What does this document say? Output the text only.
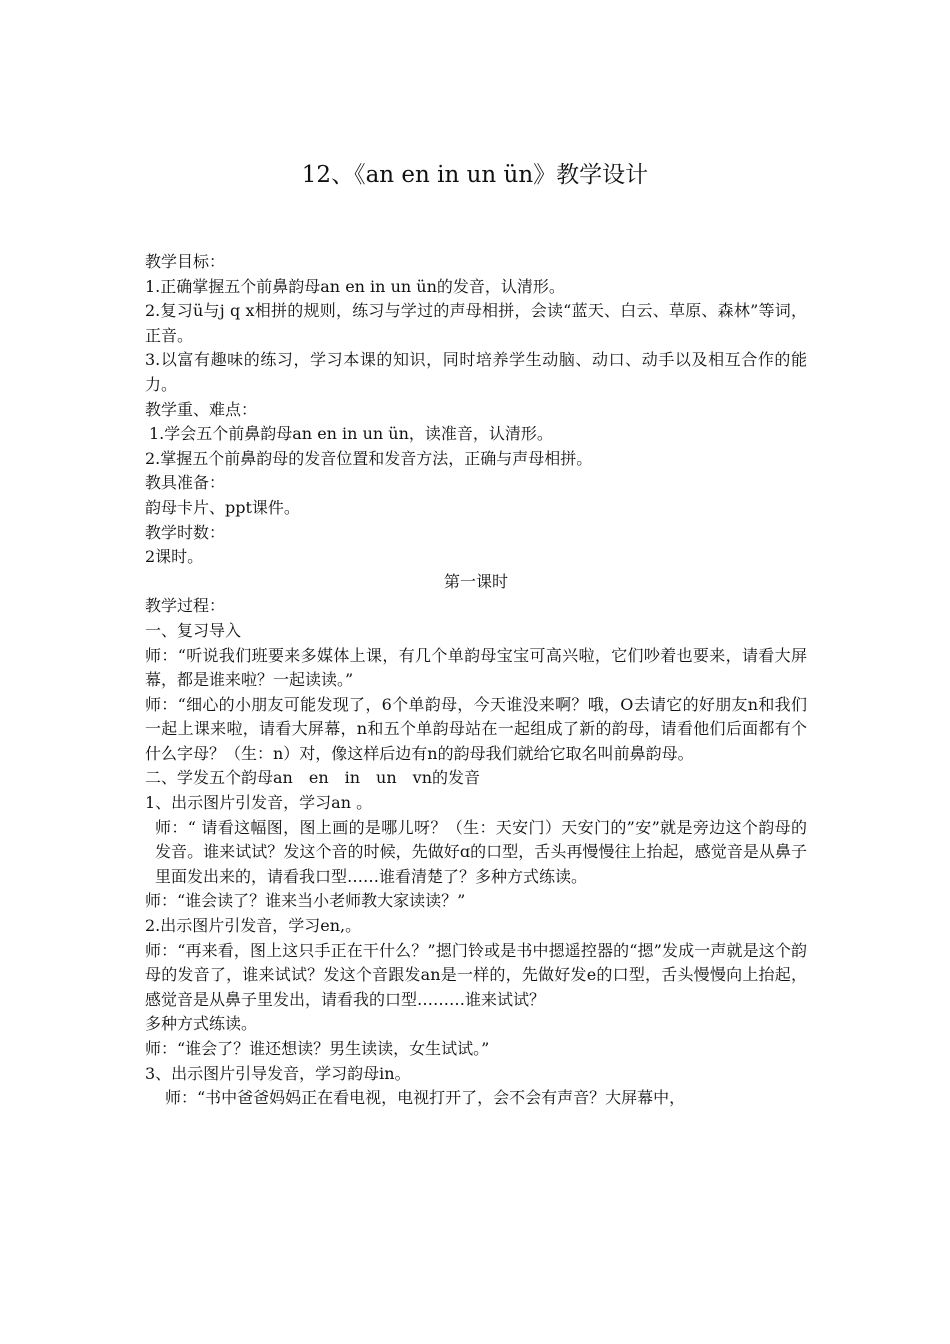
12、《an en in un ün》教学设计

教学目标：

1.正确掌握五个前鼻韵母an en in un ün的发音，认清形。

2.复习ü与j q x相拼的规则，练习与学过的声母相拼，会读“蓝天、白云、草原、森林”等词，正音。

3.以富有趣味的练习，学习本课的知识，同时培养学生动脑、动口、动手以及相互合作的能力。

教学重、难点：

1.学会五个前鼻韵母an en in un ün，读准音，认清形。

2.掌握五个前鼻韵母的发音位置和发音方法，正确与声母相拼。

教具准备：

韵母卡片、ppt课件。

教学时数：

2课时。

第一课时

教学过程：

一、复习导入

师：“听说我们班要来多媒体上课，有几个单韵母宝宝可高兴啦，它们吵着也要来，请看大屏幕，都是谁来啦？一起读读。”

师：“细心的小朋友可能发现了，6个单韵母，今天谁没来啊？哦，O去请它的好朋友n和我们一起上课来啦，请看大屏幕，n和五个单韵母站在一起组成了新的韵母，请看他们后面都有个什么字母？（生：n）对，像这样后边有n的韵母我们就给它取名叫前鼻韵母。

二、学发五个韵母an　en　in　un　vn的发音

1、出示图片引发音，学习an 。

师：“ 请看这幅图，图上画的是哪儿呀？（生：天安门）天安门的”安”就是旁边这个韵母的发音。谁来试试？发这个音的时候，先做好ɑ的口型，舌头再慢慢往上抬起，感觉音是从鼻子里面发出来的，请看我口型……谁看清楚了？多种方式练读。

师：“谁会读了？谁来当小老师教大家读读？”

2.出示图片引发音，学习en,。

师：“再来看，图上这只手正在干什么？”摁门铃或是书中摁遥控器的“摁”发成一声就是这个韵母的发音了，谁来试试？发这个音跟发an是一样的，先做好发e的口型，舌头慢慢向上抬起，感觉音是从鼻子里发出，请看我的口型………谁来试试？

多种方式练读。

师：“谁会了？谁还想读？男生读读，女生试试。”

3、出示图片引导发音，学习韵母in。

师：“书中爸爸妈妈正在看电视，电视打开了，会不会有声音？大屏幕中，
